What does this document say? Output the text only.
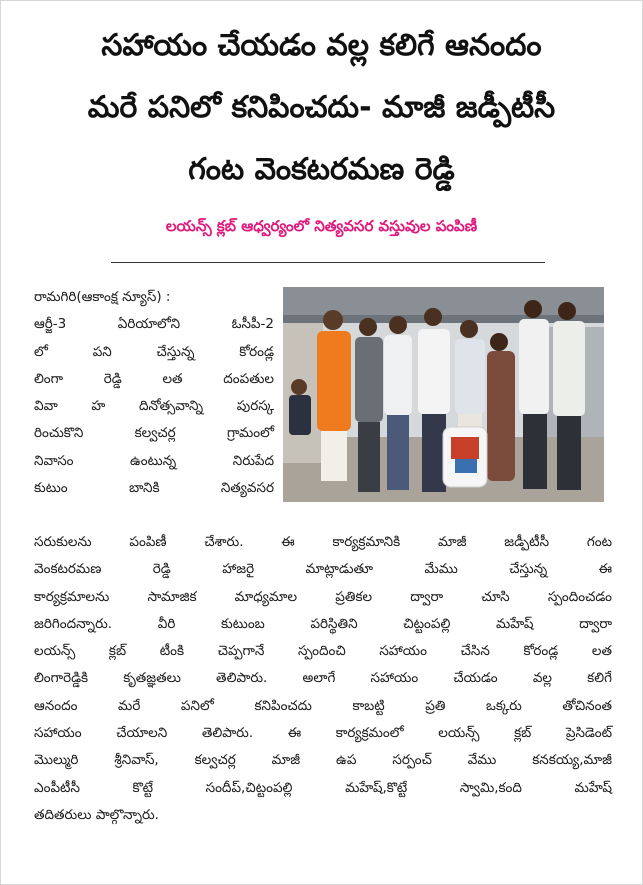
సహాయం చేయడం వల్ల కలిగే ఆనందం
మరే పనిలో కనిపించదు- మాజీ జడ్పీటీసీ
గంట వెంకటరమణ రెడ్డి
లయన్స్ క్లబ్ ఆధ్వర్యంలో నిత్యవసర వస్తువుల పంపిణీ
రామగిరి(ఆకాంక్ష న్యూస్) :
ఆర్జీ-3 ఏరియాలోని ఓసీపీ-2
లో పని చేస్తున్న కోరండ్ల
లింగా రెడ్డి లత దంపతుల
వివా హ దినోత్సవాన్ని పురస్క
రించుకొని కల్వచర్ల గ్రామంలో
నివాసం ఉంటున్న నిరుపేద
కుటుం బానికి నిత్యవసర
సరుకులను పంపిణీ చేశారు. ఈ కార్యక్రమానికి మాజీ జడ్పీటీసీ గంట
వెంకటరమణ రెడ్డి హాజరై మాట్లాడుతూ మేము చేస్తున్న ఈ
కార్యక్రమాలను సామాజిక మాధ్యమాల ప్రతికల ద్వారా చూసి స్పందించడం
జరిగిందన్నారు. వీరి కుటుంబ పరిస్థితిని చిట్టంపల్లి మహేష్ ద్వారా
లయన్స్ క్లబ్ టీంకి చెప్పగానే స్పందించి సహాయం చేసిన కోరండ్ల లత
లింగారెడ్డికి కృతజ్ఞతలు తెలిపారు. అలాగే సహాయం చేయడం వల్ల కలిగే
ఆనందం మరే పనిలో కనిపించదు కాబట్టి ప్రతి ఒక్కరు తోచినంత
సహాయం చేయాలని తెలిపారు. ఈ కార్యక్రమంలో లయన్స్ క్లబ్ ప్రెసిడెంట్
మొల్మురి శ్రీనివాస్, కల్వచర్ల మాజీ ఉప సర్పంచ్ వేము కనకయ్య,మాజీ
ఎంపీటీసీ కొట్టే సందీప్,చిట్టంపల్లి మహేష్,కొట్టే స్వామి,కంది మహేష్
తదితరులు పాల్గొన్నారు.
